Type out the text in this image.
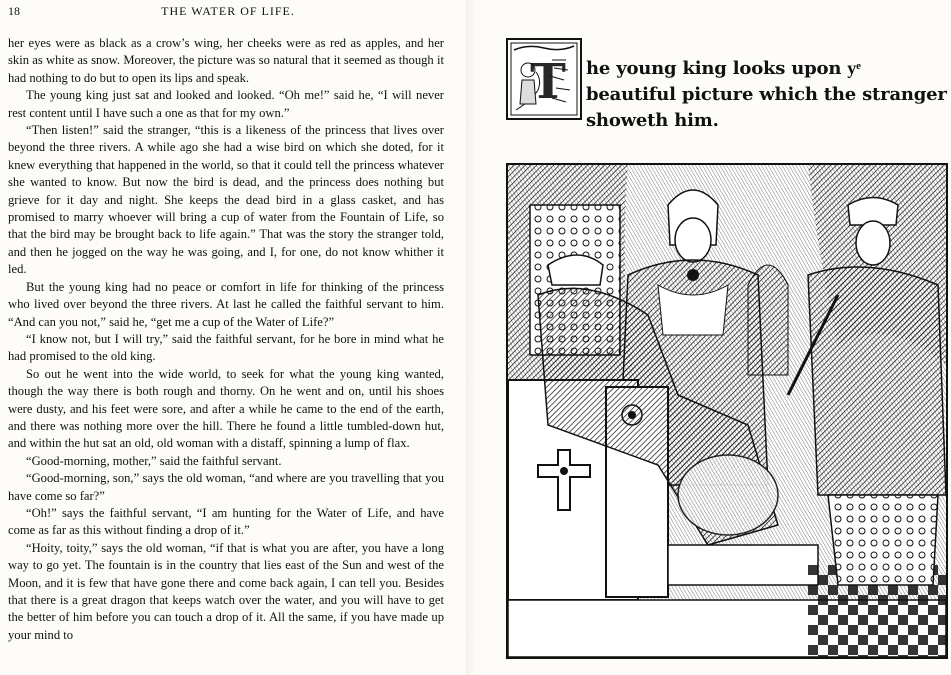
18	THE WATER OF LIFE.

her eyes were as black as a crow’s wing, her cheeks were as red as apples, and her skin as white as snow. Moreover, the picture was so natural that it seemed as though it had nothing to do but to open its lips and speak.

The young king just sat and looked and looked. “Oh me!” said he, “I will never rest content until I have such a one as that for my own.”

“Then listen!” said the stranger, “this is a likeness of the princess that lives over beyond the three rivers. A while ago she had a wise bird on which she doted, for it knew everything that happened in the world, so that it could tell the princess whatever she wanted to know. But now the bird is dead, and the princess does nothing but grieve for it day and night. She keeps the dead bird in a glass casket, and has promised to marry whoever will bring a cup of water from the Fountain of Life, so that the bird may be brought back to life again.” That was the story the stranger told, and then he jogged on the way he was going, and I, for one, do not know whither it led.

But the young king had no peace or comfort in life for thinking of the princess who lived over beyond the three rivers. At last he called the faithful servant to him. “And can you not,” said he, “get me a cup of the Water of Life?”

“I know not, but I will try,” said the faithful servant, for he bore in mind what he had promised to the old king.

So out he went into the wide world, to seek for what the young king wanted, though the way there is both rough and thorny. On he went and on, until his shoes were dusty, and his feet were sore, and after a while he came to the end of the earth, and there was nothing more over the hill. There he found a little tumbled-down hut, and within the hut sat an old, old woman with a distaff, spinning a lump of flax.

“Good-morning, mother,” said the faithful servant.

“Good-morning, son,” says the old woman, “and where are you travelling that you have come so far?”

“Oh!” says the faithful servant, “I am hunting for the Water of Life, and have come as far as this without finding a drop of it.”

“Hoity, toity,” says the old woman, “if that is what you are after, you have a long way to go yet. The fountain is in the country that lies east of the Sun and west of the Moon, and it is few that have gone there and come back again, I can tell you. Besides that there is a great dragon that keeps watch over the water, and you will have to get the better of him before you can touch a drop of it. All the same, if you have made up your mind to

T he young king looks upon yͤ beautiful picture which the stranger showeth him.
